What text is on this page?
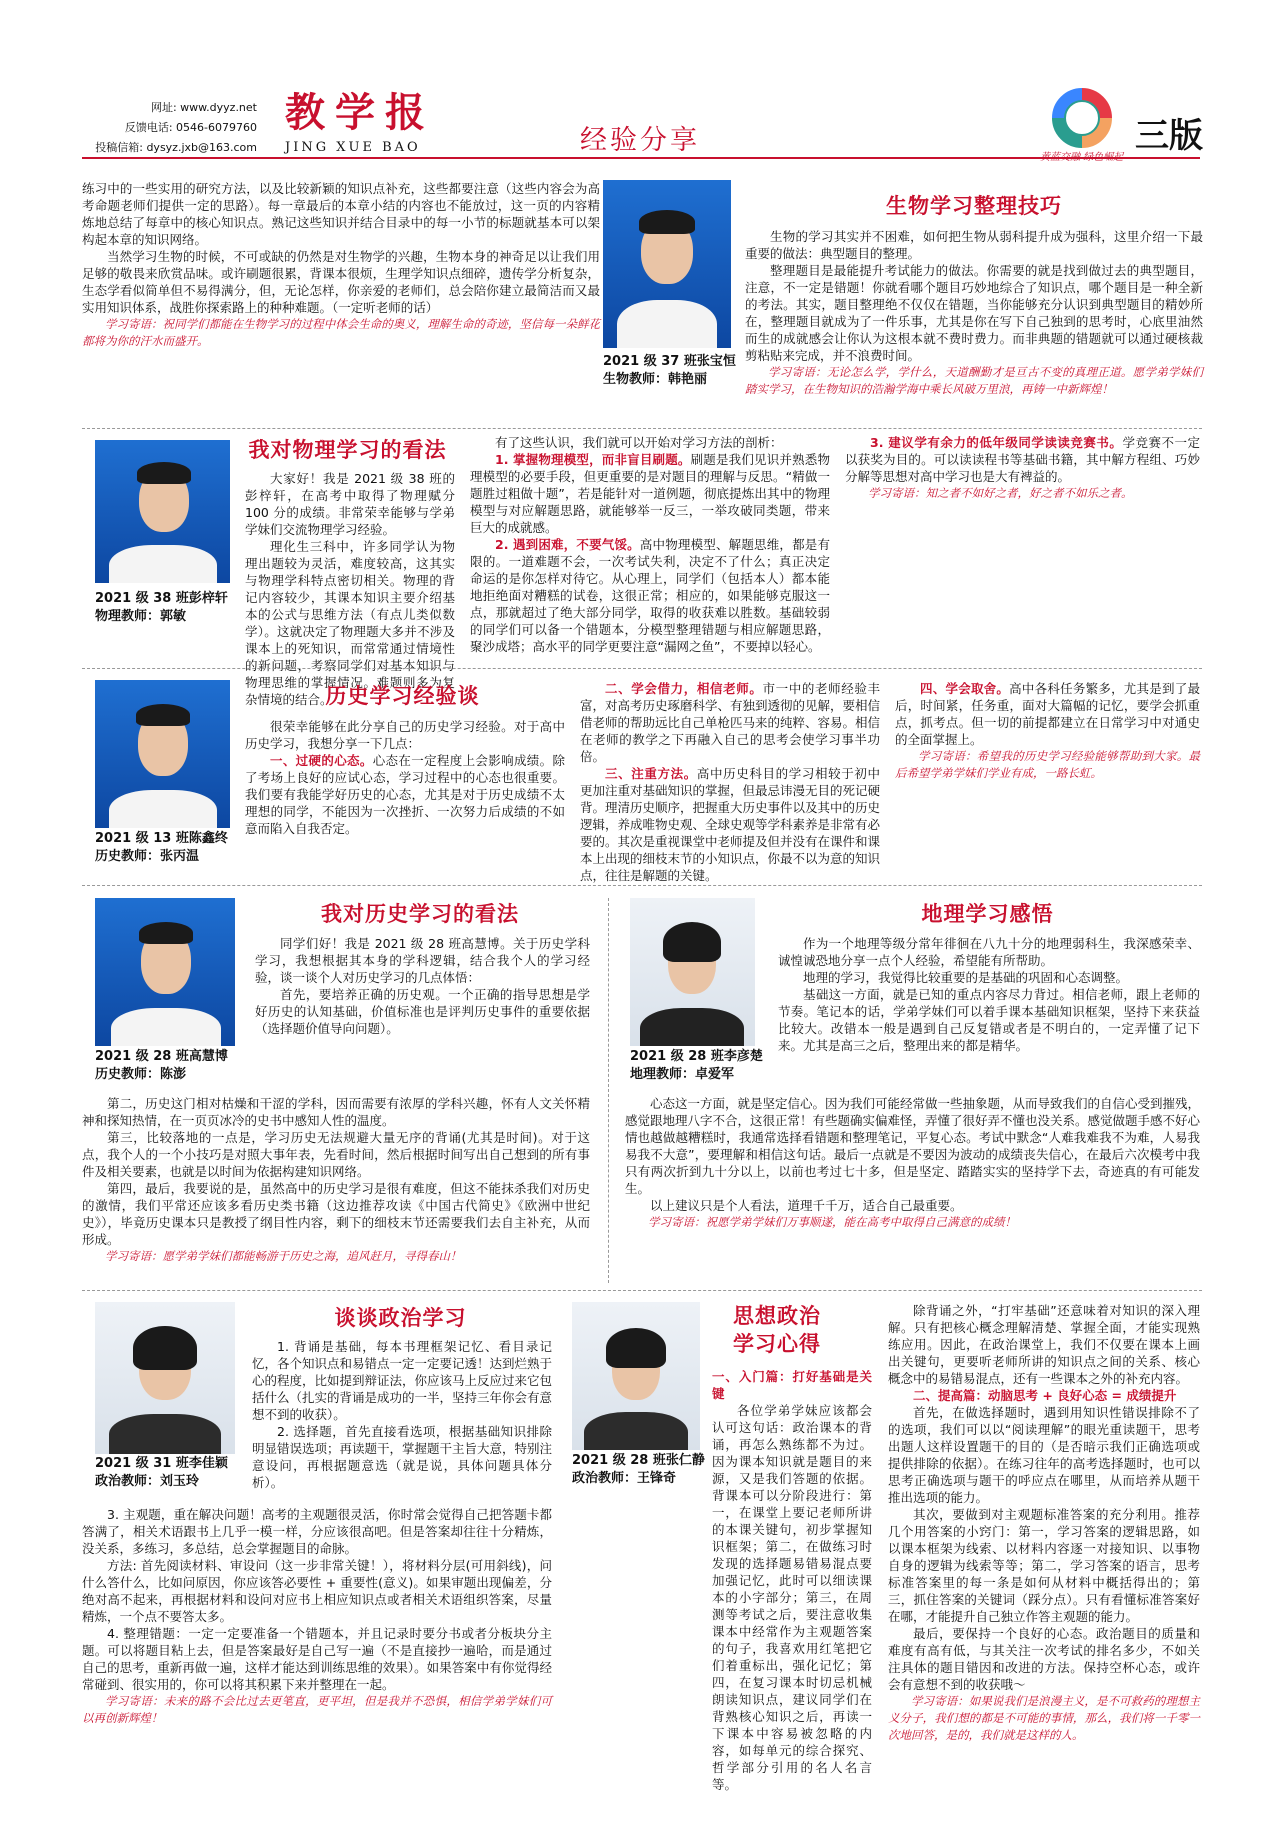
网址: www.dyyz.net
反馈电话: 0546-6079760
投稿信箱: dysyz.jxb@163.com
教学报
JING XUE BAO	经验分享
黄蓝交融 绿色崛起
三版

练习中的一些实用的研究方法，以及比较新颖的知识点补充，这些都要注意（这些内容会为高考命题老师们提供一定的思路）。每一章最后的本章小结的内容也不能放过，这一页的内容精炼地总结了每章中的核心知识点。熟记这些知识并结合目录中的每一小节的标题就基本可以架构起本章的知识网络。

当然学习生物的时候，不可或缺的仍然是对生物学的兴趣，生物本身的神奇足以让我们用足够的敬畏来欣赏品味。或许刷题很累，背课本很烦，生理学知识点细碎，遗传学分析复杂，生态学看似简单但不易得满分，但，无论怎样，你亲爱的老师们，总会陪你建立最简洁而又最实用知识体系，战胜你探索路上的种种难题。（一定听老师的话）

学习寄语：祝同学们都能在生物学习的过程中体会生命的奥义，理解生命的奇迹，坚信每一朵鲜花都将为你的汗水而盛开。

2021 级 37 班张宝恒
生物教师：韩艳丽
生物学习整理技巧

生物的学习其实并不困难，如何把生物从弱科提升成为强科，这里介绍一下最重要的做法：典型题目的整理。

整理题目是最能提升考试能力的做法。你需要的就是找到做过去的典型题目，注意，不一定是错题！你就看哪个题目巧妙地综合了知识点，哪个题目是一种全新的考法。其实，题目整理绝不仅仅在错题，当你能够充分认识到典型题目的精妙所在，整理题目就成为了一件乐事，尤其是你在写下自己独到的思考时，心底里油然而生的成就感会让你认为这根本就不费时费力。而非典题的错题就可以通过硬核裁剪粘贴来完成，并不浪费时间。

学习寄语：无论怎么学，学什么，天道酬勤才是亘古不变的真理正道。愿学弟学妹们踏实学习，在生物知识的浩瀚学海中乘长风破万里浪，再铸一中新辉煌！

2021 级 38 班彭梓轩
物理教师：郭敏
我对物理学习的看法

大家好！我是 2021 级 38 班的彭梓轩，在高考中取得了物理赋分 100 分的成绩。非常荣幸能够与学弟学妹们交流物理学习经验。

理化生三科中，许多同学认为物理出题较为灵活，难度较高，这其实与物理学科特点密切相关。物理的背记内容较少，其课本知识主要介绍基本的公式与思维方法（有点儿类似数学）。这就决定了物理题大多并不涉及课本上的死知识，而常常通过情境性的新问题，考察同学们对基本知识与物理思维的掌握情况。难题则多为复杂情境的结合。

有了这些认识，我们就可以开始对学习方法的剖析：

1. 掌握物理模型，而非盲目刷题。刷题是我们见识并熟悉物理模型的必要手段，但更重要的是对题目的理解与反思。“精做一题胜过粗做十题”，若是能针对一道例题，彻底提炼出其中的物理模型与对应解题思路，就能够举一反三，一举攻破同类题，带来巨大的成就感。

2. 遇到困难，不要气馁。高中物理模型、解题思维，都是有限的。一道难题不会，一次考试失利，决定不了什么；真正决定命运的是你怎样对待它。从心理上，同学们（包括本人）都本能地拒绝面对糟糕的试卷，这很正常；相应的，如果能够克服这一点，那就超过了绝大部分同学，取得的收获难以胜数。基础较弱的同学们可以备一个错题本，分模型整理错题与相应解题思路，聚沙成塔；高水平的同学更要注意“漏网之鱼”，不要掉以轻心。

3. 建议学有余力的低年级同学读读竞赛书。学竞赛不一定以获奖为目的。可以读读程书等基础书籍，其中解方程组、巧妙分解等思想对高中学习也是大有裨益的。

学习寄语：知之者不如好之者，好之者不如乐之者。

2021 级 13 班陈鑫终
历史教师：张丙温
历史学习经验谈

很荣幸能够在此分享自己的历史学习经验。对于高中历史学习，我想分享一下几点：

一、过硬的心态。心态在一定程度上会影响成绩。除了考场上良好的应试心态，学习过程中的心态也很重要。我们要有我能学好历史的心态，尤其是对于历史成绩不太理想的同学，不能因为一次挫折、一次努力后成绩的不如意而陷入自我否定。

二、学会借力，相信老师。市一中的老师经验丰富，对高考历史琢磨科学、有独到透彻的见解，要相信借老师的帮助远比自己单枪匹马来的纯粹、容易。相信在老师的教学之下再融入自己的思考会使学习事半功倍。

三、注重方法。高中历史科目的学习相较于初中更加注重对基础知识的掌握，但最忌讳漫无目的死记硬背。理清历史顺序，把握重大历史事件以及其中的历史逻辑，养成唯物史观、全球史观等学科素养是非常有必要的。其次是重视课堂中老师提及但并没有在课件和课本上出现的细枝末节的小知识点，你最不以为意的知识点，往往是解题的关键。

四、学会取舍。高中各科任务繁多，尤其是到了最后，时间紧，任务重，面对大篇幅的记忆，要学会抓重点，抓考点。但一切的前提都建立在日常学习中对通史的全面掌握上。

学习寄语：希望我的历史学习经验能够帮助到大家。最后希望学弟学妹们学业有成，一路长虹。

2021 级 28 班高慧博
历史教师：陈澎
我对历史学习的看法

同学们好！我是 2021 级 28 班高慧博。关于历史学科学习，我想根据其本身的学科逻辑，结合我个人的学习经验，谈一谈个人对历史学习的几点体悟：

首先，要培养正确的历史观。一个正确的指导思想是学好历史的认知基础，价值标准也是评判历史事件的重要依据（选择题价值导向问题）。

第二，历史这门相对枯燥和干涩的学科，因而需要有浓厚的学科兴趣，怀有人文关怀精神和探知热情，在一页页冰冷的史书中感知人性的温度。

第三，比较落地的一点是，学习历史无法规避大量无序的背诵(尤其是时间)。对于这点，我个人的一个小技巧是对照大事年表，先看时间，然后根据时间写出自己想到的所有事件及相关要素，也就是以时间为依据构建知识网络。

第四，最后，我要说的是，虽然高中的历史学习是很有难度，但这不能抹杀我们对历史的激情，我们平常还应该多看历史类书籍（这边推荐攻读《中国古代简史》《欧洲中世纪史》），毕竟历史课本只是教授了纲目性内容，剩下的细枝末节还需要我们去自主补充，从而形成。

学习寄语：愿学弟学妹们都能畅游于历史之海，追风赶月，寻得春山！

2021 级 28 班李彦楚
地理教师：卓爱军
地理学习感悟

作为一个地理等级分常年徘徊在八九十分的地理弱科生，我深感荣幸、诚惶诚恐地分享一点个人经验，希望能有所帮助。

地理的学习，我觉得比较重要的是基础的巩固和心态调整。

基础这一方面，就是已知的重点内容尽力背过。相信老师，跟上老师的节奏。笔记本的话，学弟学妹们可以着手课本基础知识框架，坚持下来获益比较大。改错本一般是遇到自己反复错或者是不明白的，一定弄懂了记下来。尤其是高三之后，整理出来的都是精华。

心态这一方面，就是坚定信心。因为我们可能经常做一些抽象题，从而导致我们的自信心受到摧残，感觉跟地理八字不合，这很正常！有些题确实偏难怪，弄懂了很好弄不懂也没关系。感觉做题手感不好心情也越做越糟糕时，我通常选择看错题和整理笔记，平复心态。考试中默念“人难我难我不为难，人易我易我不大意”，要理解和相信这句话。最后一点就是不要因为波动的成绩丧失信心，在最后六次模考中我只有两次折到九十分以上，以前也考过七十多，但是坚定、踏踏实实的坚持学下去，奇迹真的有可能发生。

以上建议只是个人看法，道理千千万，适合自己最重要。

学习寄语：祝愿学弟学妹们万事顺遂，能在高考中取得自己满意的成绩！

2021 级 31 班李佳颖
政治教师：刘玉玲
谈谈政治学习

1. 背诵是基础，每本书理框架记忆、看目录记忆，各个知识点和易错点一定一定要记透！达到烂熟于心的程度，比如提到辩证法，你应该马上反应过来它包括什么（扎实的背诵是成功的一半，坚持三年你会有意想不到的收获）。

2. 选择题，首先直接看选项，根据基础知识排除明显错误选项；再读题干，掌握题干主旨大意，特别注意设问，再根据题意选（就是说，具体问题具体分析）。

3. 主观题，重在解决问题！高考的主观题很灵活，你时常会觉得自己把答题卡都答满了，相关术语跟书上几乎一模一样，分应该很高吧。但是答案却往往十分精炼，没关系，多练习，多总结，总会掌握题目的命脉。

方法: 首先阅读材料、审设问（这一步非常关键！），将材料分层(可用斜线)，问什么答什么，比如问原因，你应该答必要性 + 重要性(意义)。如果审题出现偏差，分绝对高不起来，再根据材料和设问对应书上相应知识点或者相关术语组织答案，尽量精炼，一个点不要答太多。

4. 整理错题：一定一定要准备一个错题本，并且记录时要分书或者分板块分主题。可以将题目粘上去，但是答案最好是自己写一遍（不是直接抄一遍哈，而是通过自己的思考，重新再做一遍，这样才能达到训练思维的效果）。如果答案中有你觉得经常碰到、很实用的，你可以将其积累下来并整理在一起。

学习寄语：未来的路不会比过去更笔直，更平坦，但是我并不恐惧，相信学弟学妹们可以再创新辉煌！

2021 级 28 班张仁静
政治教师：王锋奇
思想政治
学习心得

一、入门篇：打好基础是关键

各位学弟学妹应该都会认可这句话：政治课本的背诵，再怎么熟练都不为过。因为课本知识就是题目的来源，又是我们答题的依据。背课本可以分阶段进行：第一，在课堂上要记老师所讲的本课关键句，初步掌握知识框架；第二，在做练习时发现的选择题易错易混点要加强记忆，此时可以细读课本的小字部分；第三，在周测等考试之后，要注意收集课本中经常作为主观题答案的句子，我喜欢用红笔把它们着重标出，强化记忆；第四，在复习课本时切忌机械朗读知识点，建议同学们在背熟核心知识之后，再读一下课本中容易被忽略的内容，如每单元的综合探究、哲学部分引用的名人名言等。

除背诵之外，“打牢基础”还意味着对知识的深入理解。只有把核心概念理解清楚、掌握全面，才能实现熟练应用。因此，在政治课堂上，我们不仅要在课本上画出关键句，更要听老师所讲的知识点之间的关系、核心概念中的易错易混点，还有一些课本之外的补充内容。

二、提高篇：动脑思考 + 良好心态 = 成绩提升

首先，在做选择题时，遇到用知识性错误排除不了的选项，我们可以以“阅读理解”的眼光重读题干，思考出题人这样设置题干的目的（是否暗示我们正确选项或提供排除的依据）。在练习往年的高考选择题时，也可以思考正确选项与题干的呼应点在哪里，从而培养从题干推出选项的能力。

其次，要做到对主观题标准答案的充分利用。推荐几个用答案的小窍门：第一，学习答案的逻辑思路，如以课本框架为线索、以材料内容逐一对接知识、以事物自身的逻辑为线索等等；第二，学习答案的语言，思考标准答案里的每一条是如何从材料中概括得出的；第三，抓住答案的关键词（踩分点）。只有看懂标准答案好在哪，才能提升自己独立作答主观题的能力。

最后，要保持一个良好的心态。政治题目的质量和难度有高有低，与其关注一次考试的排名多少，不如关注具体的题目错因和改进的方法。保持空杯心态，或许会有意想不到的收获哦～

学习寄语：如果说我们是浪漫主义，是不可救药的理想主义分子，我们想的都是不可能的事情，那么，我们将一千零一次地回答，是的，我们就是这样的人。
